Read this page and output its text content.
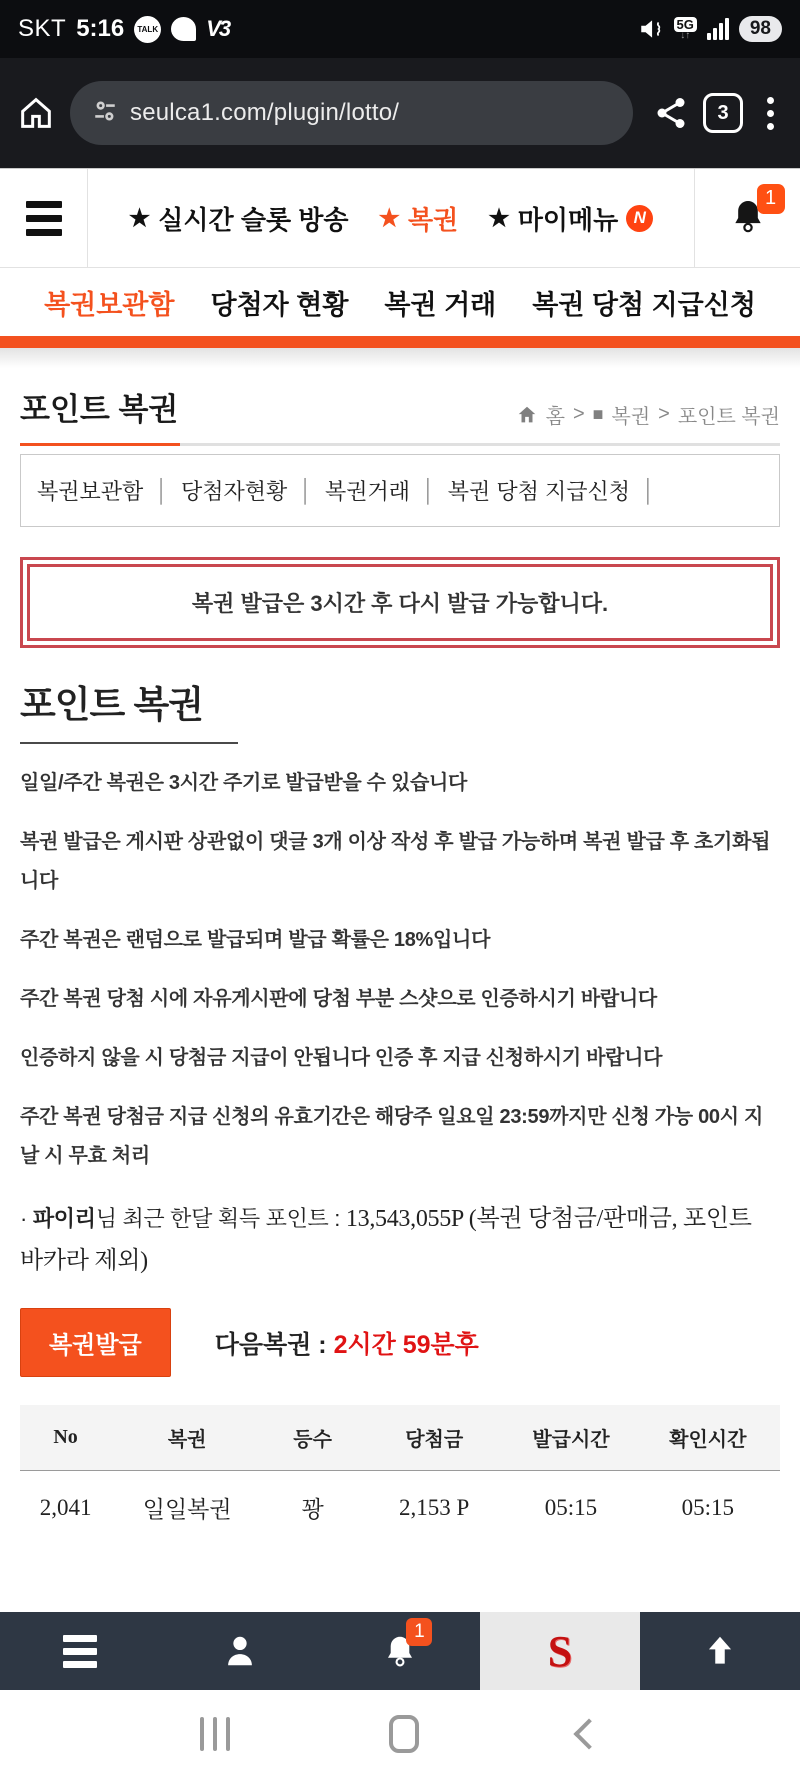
SKT 5:16	TALK V3	5G
↓↑	98
seulca1.com/plugin/lotto/	3
★ 실시간 슬롯 방송 ★ 복권 ★ 마이메뉴 N
1
복권보관함 당첨자 현황 복권 거래 복권 당첨 지급신청
포인트 복권	홈 > ■ 복권 > 포인트 복권
복권보관함 │ 당첨자현황 │ 복권거래 │ 복권 당첨 지급신청 │
복권 발급은 3시간 후 다시 발급 가능합니다.
포인트 복권

일일/주간 복권은 3시간 주기로 발급받을 수 있습니다

복권 발급은 게시판 상관없이 댓글 3개 이상 작성 후 발급 가능하며 복권 발급 후 초기화됩니다

주간 복권은 랜덤으로 발급되며 발급 확률은 18%입니다

주간 복권 당첨 시에 자유게시판에 당첨 부분 스샷으로 인증하시기 바랍니다

인증하지 않을 시 당첨금 지급이 안됩니다 인증 후 지급 신청하시기 바랍니다

주간 복권 당첨금 지급 신청의 유효기간은 해당주 일요일 23:59까지만 신청 가능 00시 지날 시 무효 처리

· 파이리님 최근 한달 획득 포인트 : 13,543,055P (복권 당첨금/판매금, 포인트 바카라 제외)
복권발급	다음복권 : 2시간 59분후
No	복권	등수	당첨금	발급시간	확인시간
2,041	일일복권	꽝	2,153 P	05:15	05:15
1	S
